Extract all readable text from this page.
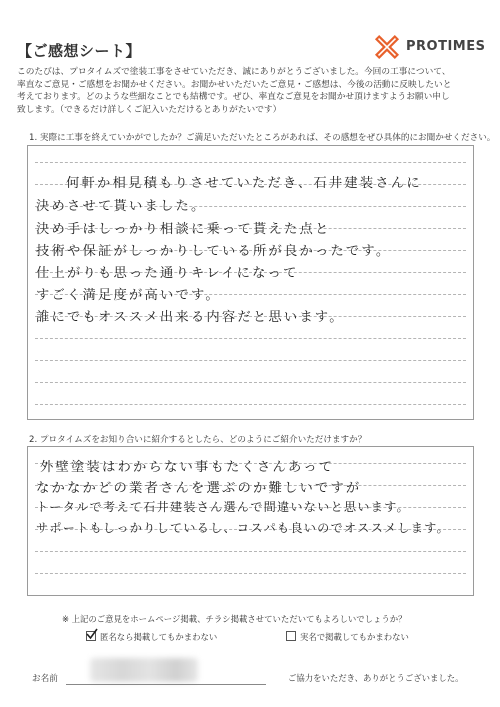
【ご感想シート】	PROTIMES

このたびは、プロタイムズで塗装工事をさせていただき、誠にありがとうございました。今回の工事について、

率直なご意見・ご感想をお聞かせください。お聞かせいただいたご意見・ご感想は、今後の活動に反映したいと

考えております。どのような些細なことでも結構です。ぜひ、率直なご意見をお聞かせ頂けますようお願い申し

致します。（できるだけ詳しくご記入いただけるとありがたいです）

1. 実際に工事を終えていかがでしたか？ご満足いただいたところがあれば、その感想をぜひ具体的にお聞かせください。
何軒か相見積もりさせていただき、石井建装さんに
決めさせて貰いました。
決め手はしっかり相談に乗って貰えた点と
技術や保証がしっかりしている所が良かったです。
仕上がりも思った通りキレイになって
すごく満足度が高いです。
誰にでもオススメ出来る内容だと思います。
2. プロタイムズをお知り合いに紹介するとしたら、どのようにご紹介いただけますか？
外壁塗装はわからない事もたくさんあって
なかなかどの業者さんを選ぶのか難しいですが
トータルで考えて石井建装さん選んで間違いないと思います。
サポートもしっかりしているし、コスパも良いのでオススメします。
※ 上記のご意見をホームページ掲載、チラシ掲載させていただいてもよろしいでしょうか？
匿名なら掲載してもかまわない	実名で掲載してもかまわない
お名前	ご協力をいただき、ありがとうございました。
